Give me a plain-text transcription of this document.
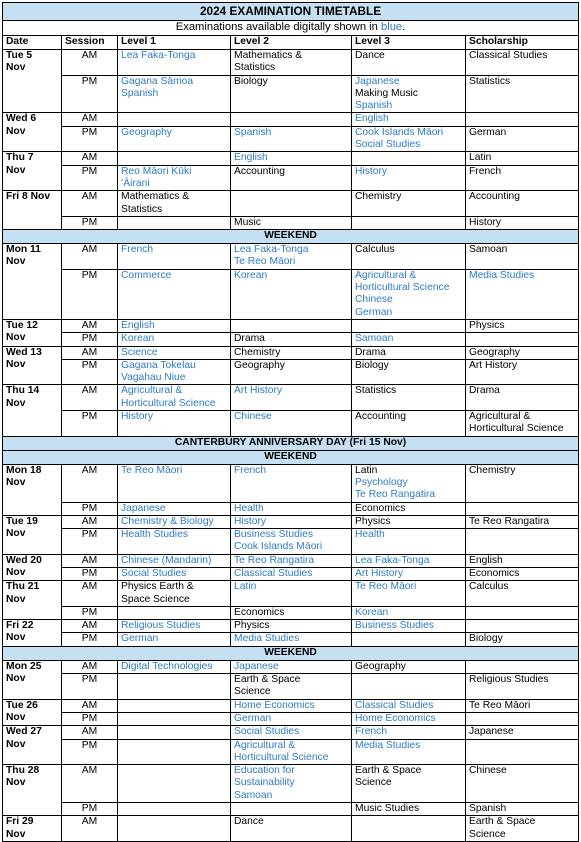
2024 EXAMINATION TIMETABLE					
Examinations available digitally shown in blue.					
Date	Session	Level 1	Level 2	Level 3	Scholarship

Tue 5
Nov	AM	Lea Faka-Tonga	Mathematics &
Statistics	Dance	Classical Studies

	PM	Gagana Sāmoa
Spanish	Biology	Japanese
Making Music
Spanish	Statistics

Wed 6
Nov	AM			English	

	PM	Geography	Spanish	Cook Islands Māori
Social Studies	German

Thu 7
Nov	AM		English		Latin

	PM	Reo Māori Kūki
ʻĀirani	Accounting	History	French

Fri 8 Nov	AM	Mathematics &
Statistics		Chemistry	Accounting

	PM		Music		History

WEEKEND					

Mon 11
Nov	AM	French	Lea Faka-Tonga
Te Reo Māori	Calculus	Samoan

	PM	Commerce	Korean	Agricultural &
Horticultural Science
Chinese
German	Media Studies

Tue 12
Nov	AM	English			Physics

	PM	Korean	Drama	Samoan	

Wed 13
Nov	AM	Science	Chemistry	Drama	Geography

	PM	Gagana Tokelau
Vagahau Niue	Geography	Biology	Art History

Thu 14
Nov	AM	Agricultural &
Horticultural Science	Art History	Statistics	Drama

	PM	History	Chinese	Accounting	Agricultural &
Horticultural Science

CANTERBURY ANNIVERSARY DAY (Fri 15 Nov)					
WEEKEND					

Mon 18
Nov	AM	Te Reo Māori	French	Latin
Psychology
Te Reo Rangatira	Chemistry

	PM	Japanese	Health	Economics	

Tue 19
Nov	AM	Chemistry & Biology	History	Physics	Te Reo Rangatira

	PM	Health Studies	Business Studies
Cook Islands Māori	Health	

Wed 20
Nov	AM	Chinese (Mandarin)	Te Reo Rangatira	Lea Faka-Tonga	English

	PM	Social Studies	Classical Studies	Art History	Economics

Thu 21
Nov	AM	Physics Earth &
Space Science	Latin	Te Reo Māori	Calculus

	PM		Economics	Korean	

Fri 22
Nov	AM	Religious Studies	Physics	Business Studies	

	PM	German	Media Studies		Biology

WEEKEND					

Mon 25
Nov	AM	Digital Technologies	Japanese	Geography	

	PM		Earth & Space
Science		Religious Studies

Tue 26
Nov	AM		Home Economics	Classical Studies	Te Reo Māori

	PM		German	Home Economics	

Wed 27
Nov	AM		Social Studies	French	Japanese

	PM		Agricultural &
Horticultural Science	Media Studies	

Thu 28
Nov	AM		Education for
Sustainability
Samoan	Earth & Space
Science	Chinese

	PM			Music Studies	Spanish

Fri 29
Nov	AM		Dance		Earth & Space
Science
